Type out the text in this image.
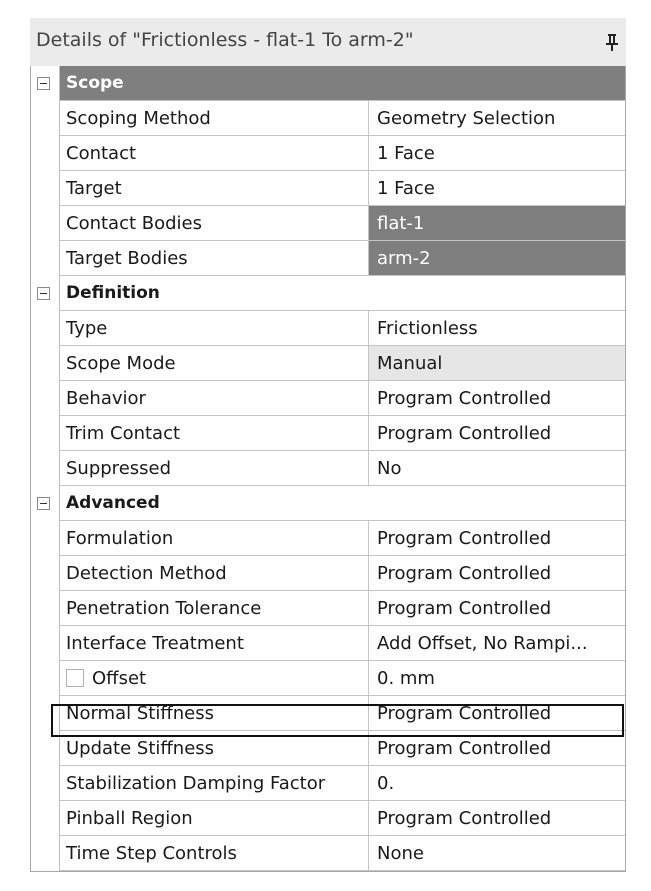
Details of "Frictionless - flat-1 To arm-2"
Scope
Scoping Method	Geometry Selection
Contact	1 Face
Target	1 Face
Contact Bodies	flat-1
Target Bodies	arm-2
Definition
Type	Frictionless
Scope Mode	Manual
Behavior	Program Controlled
Trim Contact	Program Controlled
Suppressed	No
Advanced
Formulation	Program Controlled
Detection Method	Program Controlled
Penetration Tolerance	Program Controlled
Interface Treatment	Add Offset, No Rampi...
Offset	0. mm
Normal Stiffness	Program Controlled
Update Stiffness	Program Controlled
Stabilization Damping Factor	0.
Pinball Region	Program Controlled
Time Step Controls	None
